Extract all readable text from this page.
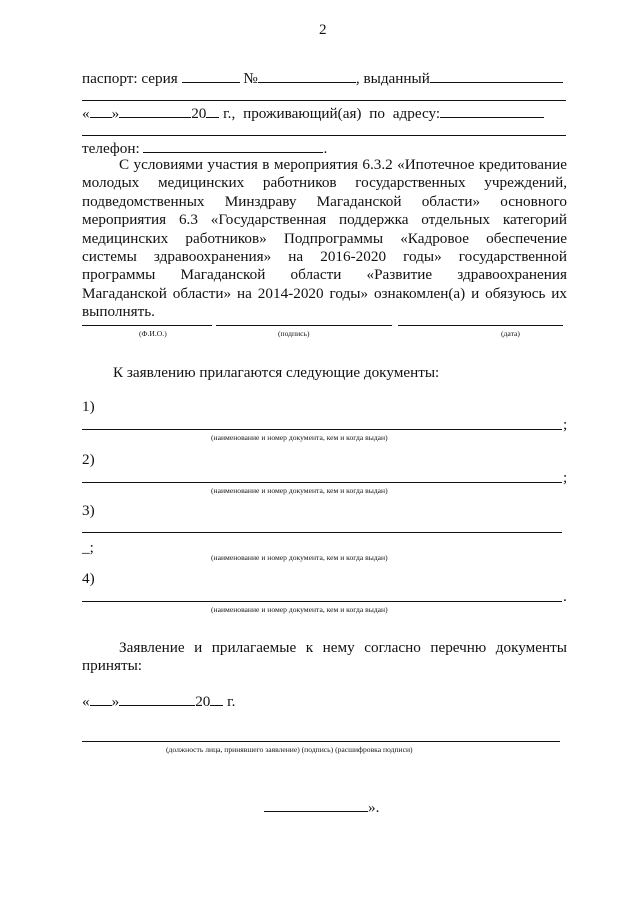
2
паспорт: серия	№	, выданный
« »	20 г., проживающий(ая) по адресу:
телефон:	.
С условиями участия в мероприятия 6.3.2 «Ипотечное кредитование молодых медицинских работников государственных учреждений, подведомственных Минздраву Магаданской области» основного мероприятия 6.3 «Государственная поддержка отдельных категорий медицинских работников» Подпрограммы «Кадровое обеспечение системы здравоохранения» на 2016-2020 годы» государственной программы Магаданской области «Развитие здравоохранения Магаданской области» на 2014-2020 годы» ознакомлен(а) и обязуюсь их выполнять.
(Ф.И.О.)	(подпись)	(дата)
К заявлению прилагаются следующие документы:
1)
;
(наименование и номер документа, кем и когда выдан)
2)
;
(наименование и номер документа, кем и когда выдан)
3)
_;
(наименование и номер документа, кем и когда выдан)
4)
.
(наименование и номер документа, кем и когда выдан)
Заявление и прилагаемые к нему согласно перечню документы приняты:
« »	20 г.
(должность лица, принявшего заявление) (подпись) (расшифровка подписи)
».
